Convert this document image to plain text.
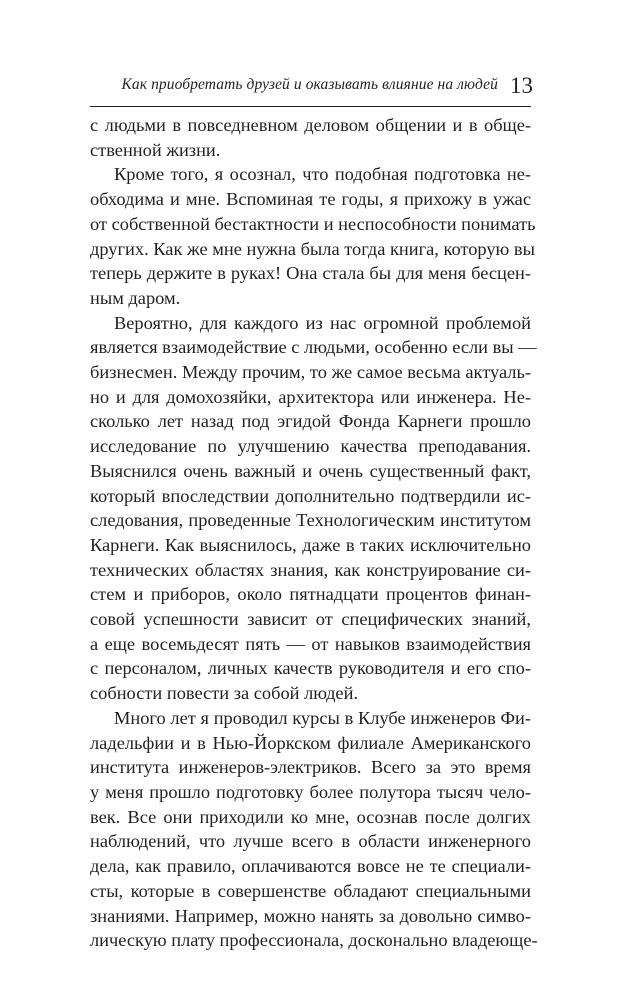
Как приобретать друзей и оказывать влияние на людей 13
с людьми в повседневном деловом общении и в обще-
ственной жизни.
Кроме того, я осознал, что подобная подготовка не-
обходима и мне. Вспоминая те годы, я прихожу в ужас
от собственной бестактности и неспособности понимать
других. Как же мне нужна была тогда книга, которую вы
теперь держите в руках! Она стала бы для меня бесцен-
ным даром.
Вероятно, для каждого из нас огромной проблемой
является взаимодействие с людьми, особенно если вы —
бизнесмен. Между прочим, то же самое весьма актуаль-
но и для домохозяйки, архитектора или инженера. Не-
сколько лет назад под эгидой Фонда Карнеги прошло
исследование по улучшению качества преподавания.
Выяснился очень важный и очень существенный факт,
который впоследствии дополнительно подтвердили ис-
следования, проведенные Технологическим институтом
Карнеги. Как выяснилось, даже в таких исключительно
технических областях знания, как конструирование си-
стем и приборов, около пятнадцати процентов финан-
совой успешности зависит от специфических знаний,
а еще восемьдесят пять — от навыков взаимодействия
с персоналом, личных качеств руководителя и его спо-
собности повести за собой людей.
Много лет я проводил курсы в Клубе инженеров Фи-
ладельфии и в Нью-Йоркском филиале Американского
института инженеров-электриков. Всего за это время
у меня прошло подготовку более полутора тысяч чело-
век. Все они приходили ко мне, осознав после долгих
наблюдений, что лучше всего в области инженерного
дела, как правило, оплачиваются вовсе не те специали-
сты, которые в совершенстве обладают специальными
знаниями. Например, можно нанять за довольно симво-
лическую плату профессионала, досконально владеюще-
